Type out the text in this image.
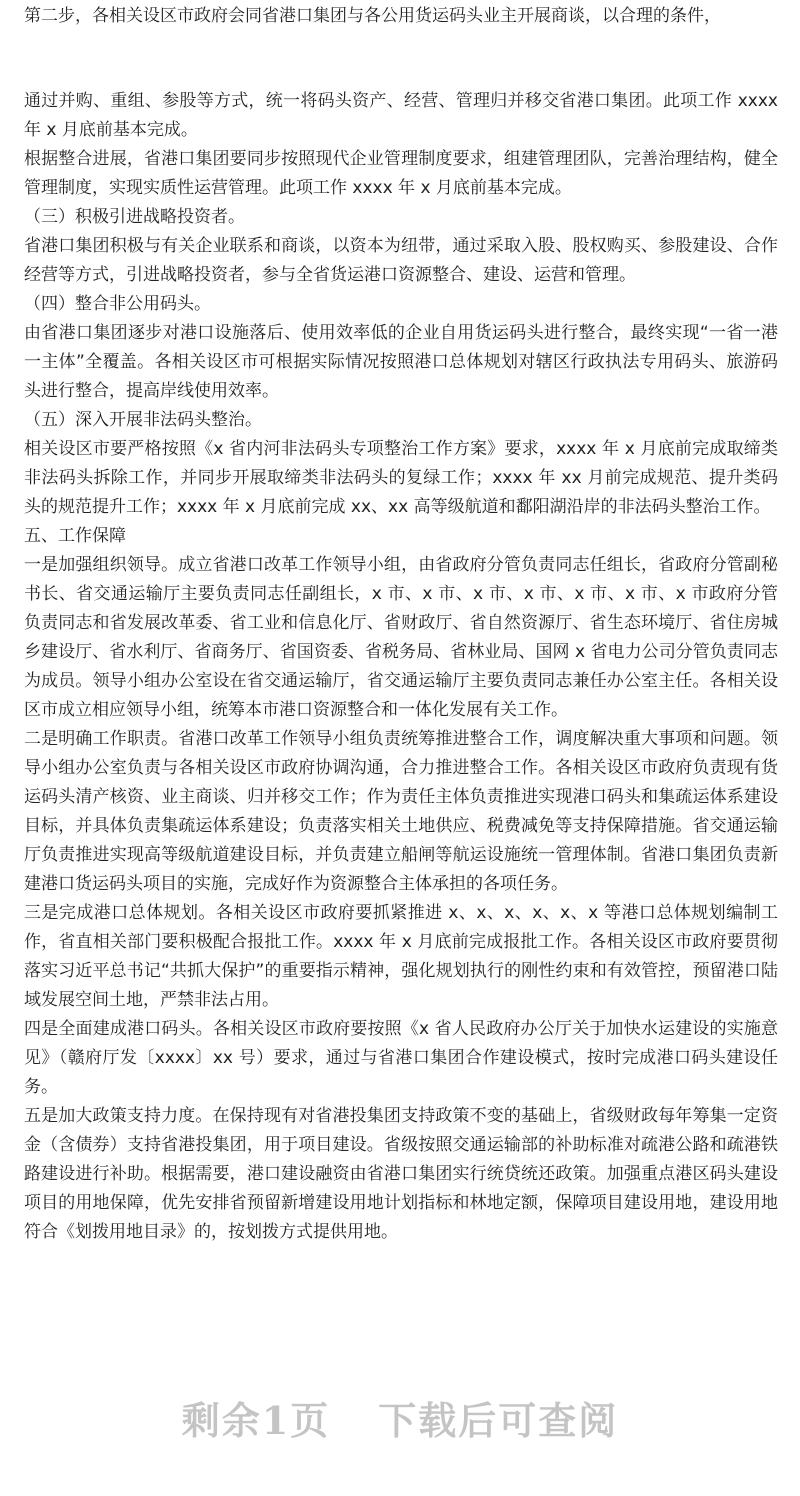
第二步，各相关设区市政府会同省港口集团与各公用货运码头业主开展商谈，以合理的条件，

通过并购、重组、参股等方式，统一将码头资产、经营、管理归并移交省港口集团。此项工作 xxxx 年 x 月底前基本完成。

根据整合进展，省港口集团要同步按照现代企业管理制度要求，组建管理团队，完善治理结构，健全管理制度，实现实质性运营管理。此项工作 xxxx 年 x 月底前基本完成。

（三）积极引进战略投资者。

省港口集团积极与有关企业联系和商谈，以资本为纽带，通过采取入股、股权购买、参股建设、合作经营等方式，引进战略投资者，参与全省货运港口资源整合、建设、运营和管理。

（四）整合非公用码头。

由省港口集团逐步对港口设施落后、使用效率低的企业自用货运码头进行整合，最终实现“一省一港一主体”全覆盖。各相关设区市可根据实际情况按照港口总体规划对辖区行政执法专用码头、旅游码头进行整合，提高岸线使用效率。

（五）深入开展非法码头整治。

相关设区市要严格按照《x 省内河非法码头专项整治工作方案》要求，xxxx 年 x 月底前完成取缔类非法码头拆除工作，并同步开展取缔类非法码头的复绿工作；xxxx 年 xx 月前完成规范、提升类码头的规范提升工作；xxxx 年 x 月底前完成 xx、xx 高等级航道和鄱阳湖沿岸的非法码头整治工作。

五、工作保障

一是加强组织领导。成立省港口改革工作领导小组，由省政府分管负责同志任组长，省政府分管副秘书长、省交通运输厅主要负责同志任副组长，x 市、x 市、x 市、x 市、x 市、x 市、x 市政府分管负责同志和省发展改革委、省工业和信息化厅、省财政厅、省自然资源厅、省生态环境厅、省住房城乡建设厅、省水利厅、省商务厅、省国资委、省税务局、省林业局、国网 x 省电力公司分管负责同志为成员。领导小组办公室设在省交通运输厅，省交通运输厅主要负责同志兼任办公室主任。各相关设区市成立相应领导小组，统筹本市港口资源整合和一体化发展有关工作。

二是明确工作职责。省港口改革工作领导小组负责统筹推进整合工作，调度解决重大事项和问题。领导小组办公室负责与各相关设区市政府协调沟通，合力推进整合工作。各相关设区市政府负责现有货运码头清产核资、业主商谈、归并移交工作；作为责任主体负责推进实现港口码头和集疏运体系建设目标，并具体负责集疏运体系建设；负责落实相关土地供应、税费减免等支持保障措施。省交通运输厅负责推进实现高等级航道建设目标，并负责建立船闸等航运设施统一管理体制。省港口集团负责新建港口货运码头项目的实施，完成好作为资源整合主体承担的各项任务。

三是完成港口总体规划。各相关设区市政府要抓紧推进 x、x、x、x、x、x 等港口总体规划编制工作，省直相关部门要积极配合报批工作。xxxx 年 x 月底前完成报批工作。各相关设区市政府要贯彻落实习近平总书记“共抓大保护”的重要指示精神，强化规划执行的刚性约束和有效管控，预留港口陆域发展空间土地，严禁非法占用。

四是全面建成港口码头。各相关设区市政府要按照《x 省人民政府办公厅关于加快水运建设的实施意见》（赣府厅发〔xxxx〕xx 号）要求，通过与省港口集团合作建设模式，按时完成港口码头建设任务。

五是加大政策支持力度。在保持现有对省港投集团支持政策不变的基础上，省级财政每年筹集一定资金（含债券）支持省港投集团，用于项目建设。省级按照交通运输部的补助标准对疏港公路和疏港铁路建设进行补助。根据需要，港口建设融资由省港口集团实行统贷统还政策。加强重点港区码头建设项目的用地保障，优先安排省预留新增建设用地计划指标和林地定额，保障项目建设用地，建设用地符合《划拨用地目录》的，按划拨方式提供用地。

剩余1页 下载后可查阅
